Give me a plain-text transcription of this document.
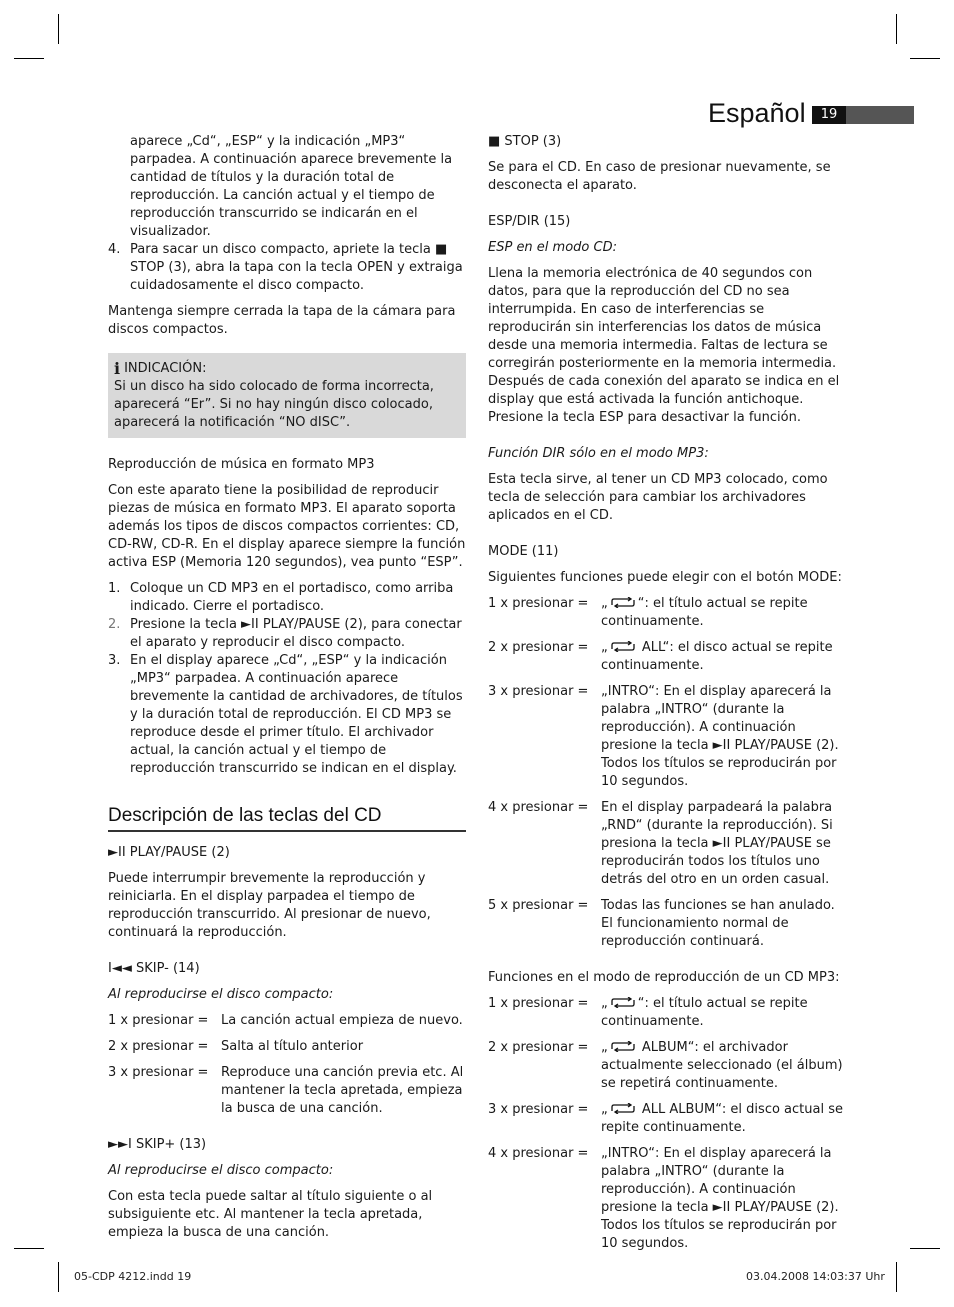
Español	19

aparece „Cd“, „ESP“ y la indicación „MP3“ parpadea. A continuación aparece brevemente la cantidad de títulos y la duración total de reproducción. La canción actual y el tiempo de reproducción transcurrido se indicarán en el visualizador.

4. Para sacar un disco compacto, apriete la tecla ■ STOP (3), abra la tapa con la tecla OPEN y extraiga cuidadosamente el disco compacto.

Mantenga siempre cerrada la tapa de la cámara para discos compactos.

i INDICACIÓN:

Si un disco ha sido colocado de forma incorrecta, aparecerá “Er”. Si no hay ningún disco colocado, aparecerá la notificación “NO dISC”.

Reproducción de música en formato MP3

Con este aparato tiene la posibilidad de reproducir piezas de música en formato MP3. El aparato soporta además los tipos de discos compactos corrientes: CD, CD-RW, CD-R. En el display aparece siempre la función activa ESP (Memoria 120 segundos), vea punto “ESP”.

1. Coloque un CD MP3 en el portadisco, como arriba indicado. Cierre el portadisco.
2. Presione la tecla ►II PLAY/PAUSE (2), para conectar el aparato y reproducir el disco compacto.
3. En el display aparece „Cd“, „ESP“ y la indicación „MP3“ parpadea. A continuación aparece brevemente la cantidad de archivadores, de títulos y la duración total de reproducción. El CD MP3 se reproduce desde el primer título. El archivador actual, la canción actual y el tiempo de reproducción transcurrido se indican en el display.
Descripción de las teclas del CD

►II PLAY/PAUSE (2)

Puede interrumpir brevemente la reproducción y reiniciarla. En el display parpadea el tiempo de reproducción transcurrido. Al presionar de nuevo, continuará la reproducción.

I◄◄ SKIP- (14)

Al reproducirse el disco compacto:

1 x presionar = La canción actual empieza de nuevo.
2 x presionar = Salta al título anterior
3 x presionar = Reproduce una canción previa etc. Al mantener la tecla apretada, empieza la busca de una canción.

►►I SKIP+ (13)

Al reproducirse el disco compacto:

Con esta tecla puede saltar al título siguiente o al subsiguiente etc. Al mantener la tecla apretada, empieza la busca de una canción.

■ STOP (3)

Se para el CD. En caso de presionar nuevamente, se desconecta el aparato.

ESP/DIR (15)

ESP en el modo CD:

Llena la memoria electrónica de 40 segundos con datos, para que la reproducción del CD no sea interrumpida. En caso de interferencias se reproducirán sin interferencias los datos de música desde una memoria intermedia. Faltas de lectura se corregirán posteriormente en la memoria intermedia. Después de cada conexión del aparato se indica en el display que está activada la función antichoque. Presione la tecla ESP para desactivar la función.

Función DIR sólo en el modo MP3:

Esta tecla sirve, al tener un CD MP3 colocado, como tecla de selección para cambiar los archivadores aplicados en el CD.

MODE (11)

Siguientes funciones puede elegir con el botón MODE:

1 x presionar = „ “: el título actual se repite continuamente.
2 x presionar = „	ALL“: el disco actual se repite continuamente.
3 x presionar = „INTRO“: En el display aparecerá la palabra „INTRO“ (durante la reproducción). A continuación presione la tecla ►II PLAY/PAUSE (2). Todos los títulos se reproducirán por 10 segundos.
4 x presionar = En el display parpadeará la palabra „RND“ (durante la reproducción). Si presiona la tecla ►II PLAY/PAUSE se reproducirán todos los títulos uno detrás del otro en un orden casual.
5 x presionar = Todas las funciones se han anulado. El funcionamiento normal de reproducción continuará.

Funciones en el modo de reproducción de un CD MP3:

1 x presionar = „ “: el título actual se repite continuamente.
2 x presionar = „	ALBUM“: el archivador actualmente seleccionado (el álbum) se repetirá continuamente.
3 x presionar = „	ALL ALBUM“: el disco actual se repite continuamente.
4 x presionar = „INTRO“: En el display aparecerá la palabra „INTRO“ (durante la reproducción). A continuación presione la tecla ►II PLAY/PAUSE (2). Todos los títulos se reproducirán por 10 segundos.
05-CDP 4212.indd 19	03.04.2008 14:03:37 Uhr
